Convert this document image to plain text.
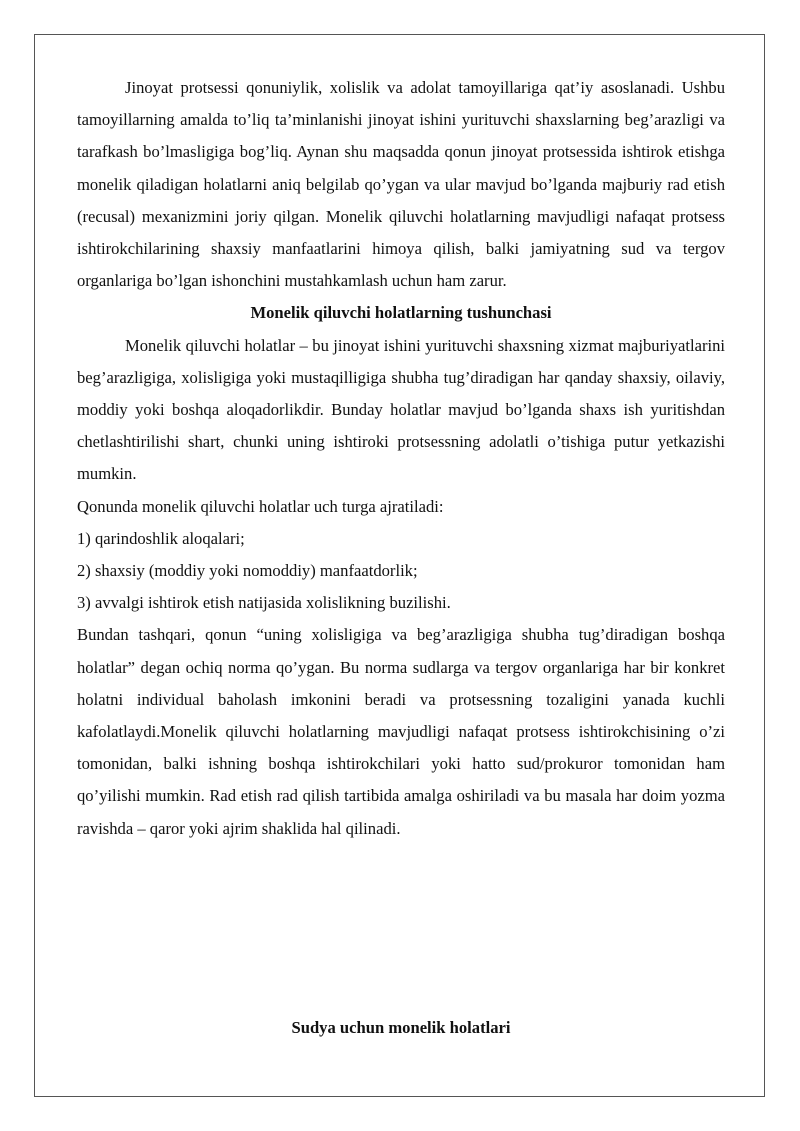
Jinoyat protsessi qonuniylik, xolislik va adolat tamoyillariga qat’iy asoslanadi. Ushbu tamoyillarning amalda to’liq ta’minlanishi jinoyat ishini yurituvchi shaxslarning beg’arazligi va tarafkash bo’lmasligiga bog’liq. Aynan shu maqsadda qonun jinoyat protsessida ishtirok etishga monelik qiladigan holatlarni aniq belgilab qo’ygan va ular mavjud bo’lganda majburiy rad etish (recusal) mexanizmini joriy qilgan. Monelik qiluvchi holatlarning mavjudligi nafaqat protsess ishtirokchilarining shaxsiy manfaatlarini himoya qilish, balki jamiyatning sud va tergov organlariga bo’lgan ishonchini mustahkamlash uchun ham zarur.

Monelik qiluvchi holatlarning tushunchasi

Monelik qiluvchi holatlar – bu jinoyat ishini yurituvchi shaxsning xizmat majburiyatlarini beg’arazligiga, xolisligiga yoki mustaqilligiga shubha tug’diradigan har qanday shaxsiy, oilaviy, moddiy yoki boshqa aloqadorlikdir. Bunday holatlar mavjud bo’lganda shaxs ish yuritishdan chetlashtirilishi shart, chunki uning ishtiroki protsessning adolatli o’tishiga putur yetkazishi mumkin.

Qonunda monelik qiluvchi holatlar uch turga ajratiladi:

1) qarindoshlik aloqalari;
2) shaxsiy (moddiy yoki nomoddiy) manfaatdorlik;
3) avvalgi ishtirok etish natijasida xolislikning buzilishi.

Bundan tashqari, qonun “uning xolisligiga va beg’arazligiga shubha tug’diradigan boshqa holatlar” degan ochiq norma qo’ygan. Bu norma sudlarga va tergov organlariga har bir konkret holatni individual baholash imkonini beradi va protsessning tozaligini yanada kuchli kafolatlaydi.Monelik qiluvchi holatlarning mavjudligi nafaqat protsess ishtirokchisining o’zi tomonidan, balki ishning boshqa ishtirokchilari yoki hatto sud/prokuror tomonidan ham qo’yilishi mumkin. Rad etish rad qilish tartibida amalga oshiriladi va bu masala har doim yozma ravishda – qaror yoki ajrim shaklida hal qilinadi.

Sudya uchun monelik holatlari
